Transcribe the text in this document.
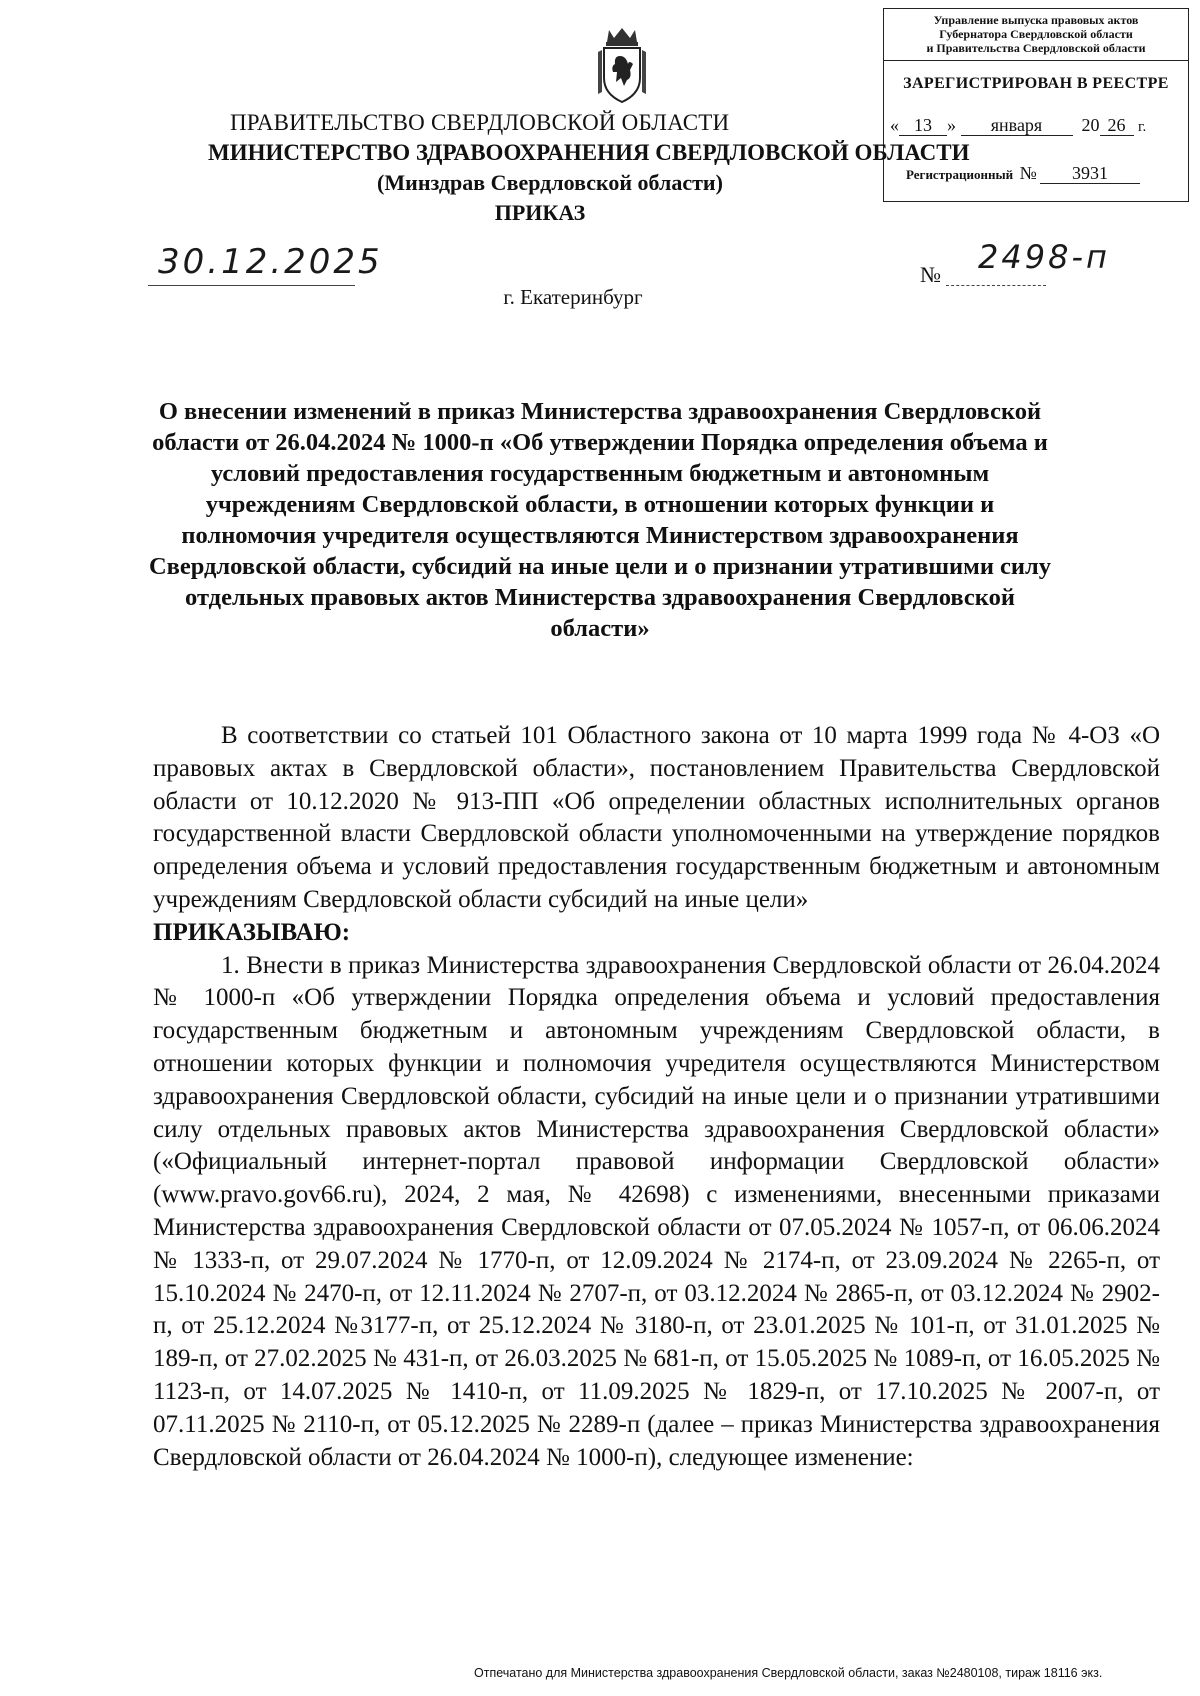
Управление выпуска правовых актов
Губернатора Свердловской области
и Правительства Свердловской области
ЗАРЕГИСТРИРОВАН В РЕЕСТРЕ
« 13 » января 20 26 г.
Регистрационный № 3931
ПРАВИТЕЛЬСТВО СВЕРДЛОВСКОЙ ОБЛАСТИ
МИНИСТЕРСТВО ЗДРАВООХРАНЕНИЯ СВЕРДЛОВСКОЙ ОБЛАСТИ
(Минздрав Свердловской области)
ПРИКАЗ
30.12.2025	№ 2498-п
г. Екатеринбург
О внесении изменений в приказ Министерства здравоохранения Свердловской области от 26.04.2024 № 1000-п «Об утверждении Порядка определения объема и условий предоставления государственным бюджетным и автономным учреждениям Свердловской области, в отношении которых функции и полномочия учредителя осуществляются Министерством здравоохранения Свердловской области, субсидий на иные цели и о признании утратившими силу отдельных правовых актов Министерства здравоохранения Свердловской области»

В соответствии со статьей 101 Областного закона от 10 марта 1999 года № 4-ОЗ «О правовых актах в Свердловской области», постановлением Правительства Свердловской области от 10.12.2020 № 913-ПП «Об определении областных исполнительных органов государственной власти Свердловской области уполномоченными на утверждение порядков определения объема и условий предоставления государственным бюджетным и автономным учреждениям Свердловской области субсидий на иные цели»

ПРИКАЗЫВАЮ:

1. Внести в приказ Министерства здравоохранения Свердловской области от 26.04.2024 № 1000-п «Об утверждении Порядка определения объема и условий предоставления государственным бюджетным и автономным учреждениям Свердловской области, в отношении которых функции и полномочия учредителя осуществляются Министерством здравоохранения Свердловской области, субсидий на иные цели и о признании утратившими силу отдельных правовых актов Министерства здравоохранения Свердловской области» («Официальный интернет-портал правовой информации Свердловской области» (www.pravo.gov66.ru), 2024, 2 мая, № 42698) с изменениями, внесенными приказами Министерства здравоохранения Свердловской области от 07.05.2024 № 1057-п, от 06.06.2024 № 1333-п, от 29.07.2024 № 1770-п, от 12.09.2024 № 2174-п, от 23.09.2024 № 2265-п, от 15.10.2024 № 2470-п, от 12.11.2024 № 2707-п, от 03.12.2024 № 2865-п, от 03.12.2024 № 2902-п, от 25.12.2024 №3177-п, от 25.12.2024 № 3180-п, от 23.01.2025 № 101-п, от 31.01.2025 № 189-п, от 27.02.2025 № 431-п, от 26.03.2025 № 681-п, от 15.05.2025 № 1089-п, от 16.05.2025 № 1123-п, от 14.07.2025 № 1410-п, от 11.09.2025 № 1829-п, от 17.10.2025 № 2007-п, от 07.11.2025 № 2110-п, от 05.12.2025 № 2289-п (далее – приказ Министерства здравоохранения Свердловской области от 26.04.2024 № 1000-п), следующее изменение:

Отпечатано для Министерства здравоохранения Свердловской области, заказ №2480108, тираж 18116 экз.
